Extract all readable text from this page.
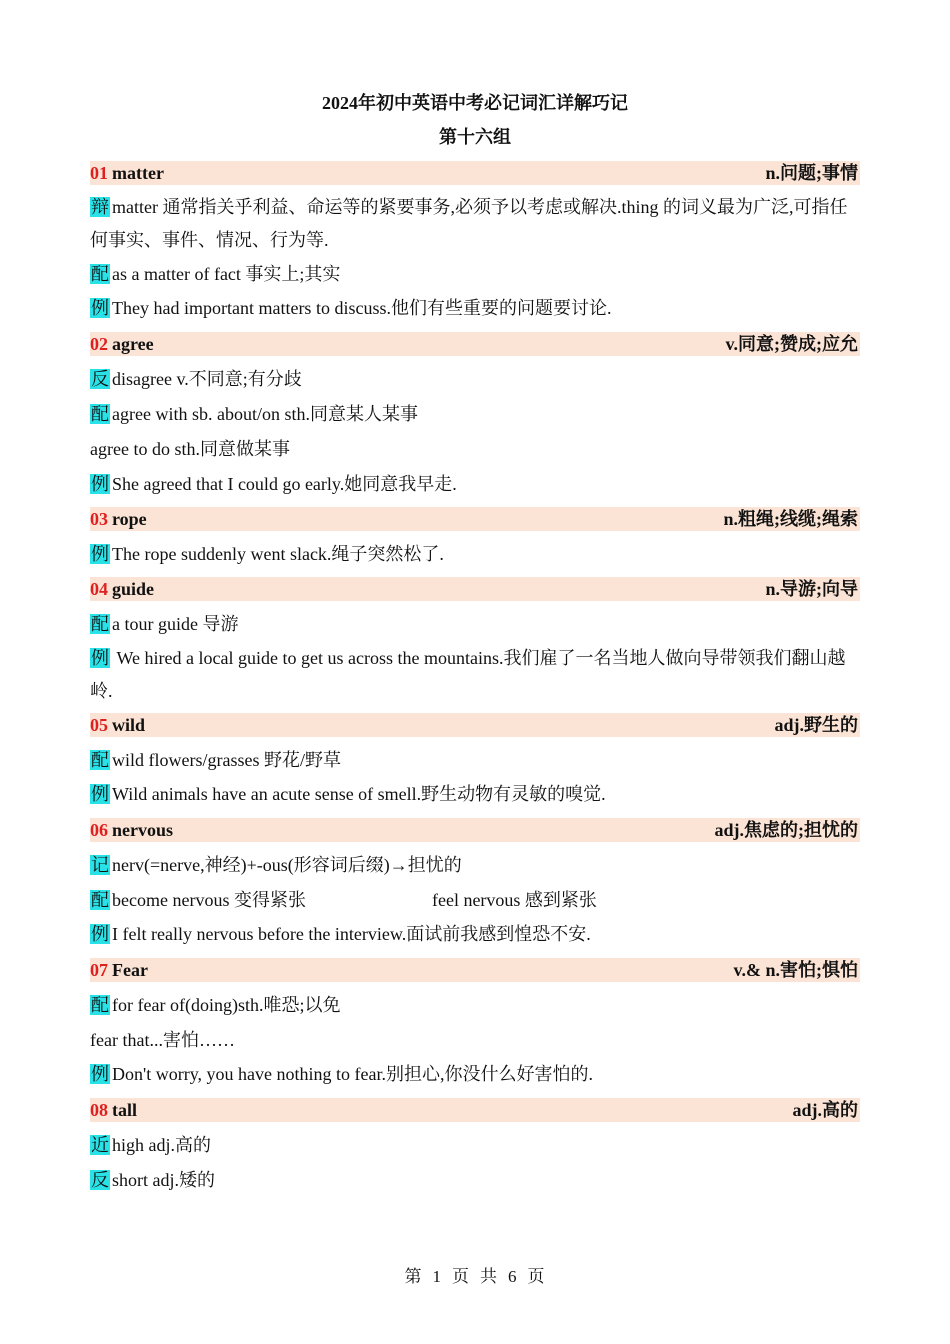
2024年初中英语中考必记词汇详解巧记
第十六组
01 matter	n.问题;事情
辩 matter 通常指关乎利益、命运等的紧要事务,必须予以考虑或解决.thing 的词义最为广泛,可指任何事实、事件、情况、行为等.
配 as a matter of fact 事实上;其实
例 They had important matters to discuss.他们有些重要的问题要讨论.
02 agree	v.同意;赞成;应允
反 disagree v.不同意;有分歧
配 agree with sb. about/on sth.同意某人某事
agree to do sth.同意做某事
例 She agreed that I could go early.她同意我早走.
03 rope	n.粗绳;线缆;绳索
例 The rope suddenly went slack.绳子突然松了.
04 guide	n.导游;向导
配 a tour guide 导游
例 We hired a local guide to get us across the mountains.我们雇了一名当地人做向导带领我们翻山越岭.
05 wild	adj.野生的
配 wild flowers/grasses 野花/野草
例 Wild animals have an acute sense of smell.野生动物有灵敏的嗅觉.
06 nervous	adj.焦虑的;担忧的
记 nerv(=nerve,神经)+-ous(形容词后缀)→担忧的
配 become nervous 变得紧张	feel nervous 感到紧张
例 I felt really nervous before the interview.面试前我感到惶恐不安.
07 Fear	v.& n.害怕;惧怕
配 for fear of(doing)sth.唯恐;以免
fear that...害怕……
例 Don't worry, you have nothing to fear.别担心,你没什么好害怕的.
08 tall	adj.高的
近 high adj.高的
反 short adj.矮的
第 1 页 共 6 页
